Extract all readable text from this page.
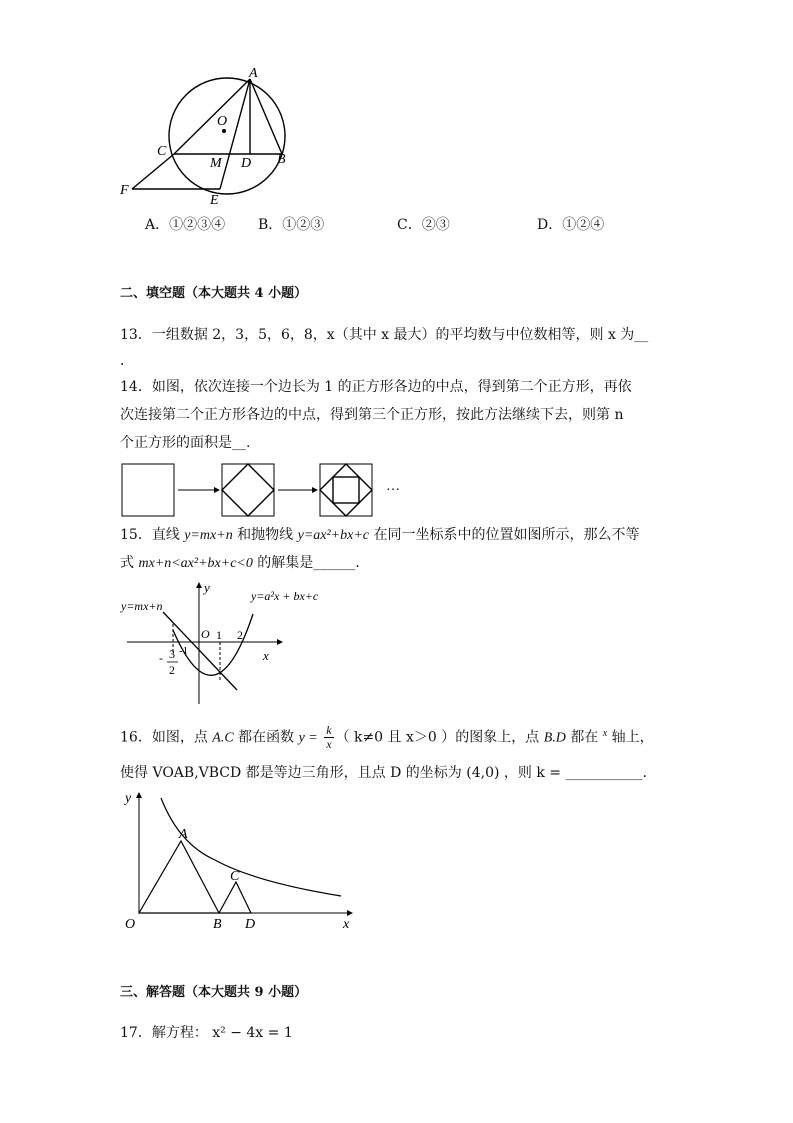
A
O
C
M D B
F
E
A．①②③④ B．①②③	C．②③	D．①②④
二、填空题（本大题共 4 小题）
13．一组数据 2，3，5，6，8，x（其中 x 最大）的平均数与中位数相等，则 x 为__
．
14．如图，依次连接一个边长为 1 的正方形各边的中点，得到第二个正方形，再依
次连接第二个正方形各边的中点，得到第三个正方形，按此方法继续下去，则第 n
个正方形的面积是__.
···
15．直线 y=mx+n 和抛物线 y=ax²+bx+c 在同一坐标系中的位置如图所示，那么不等
式 mx+n<ax²+bx+c<0 的解集是______.
y
x
O
y=mx+n
y=a²x + bx+c
1 2
-1
- 3
2
16．如图，点 A.C 都在函数 $y = \frac{k}{x}$ （ k≠0 且 x＞0 ）的图象上，点 B.D 都在 $^x$ 轴上，
使得 VOAB,VBCD 都是等边三角形，且点 D 的坐标为 (4,0) ，则 k = ___________.
y
x
O
A
B
C
D
三、解答题（本大题共 9 小题）
17．解方程： x² − 4x = 1
